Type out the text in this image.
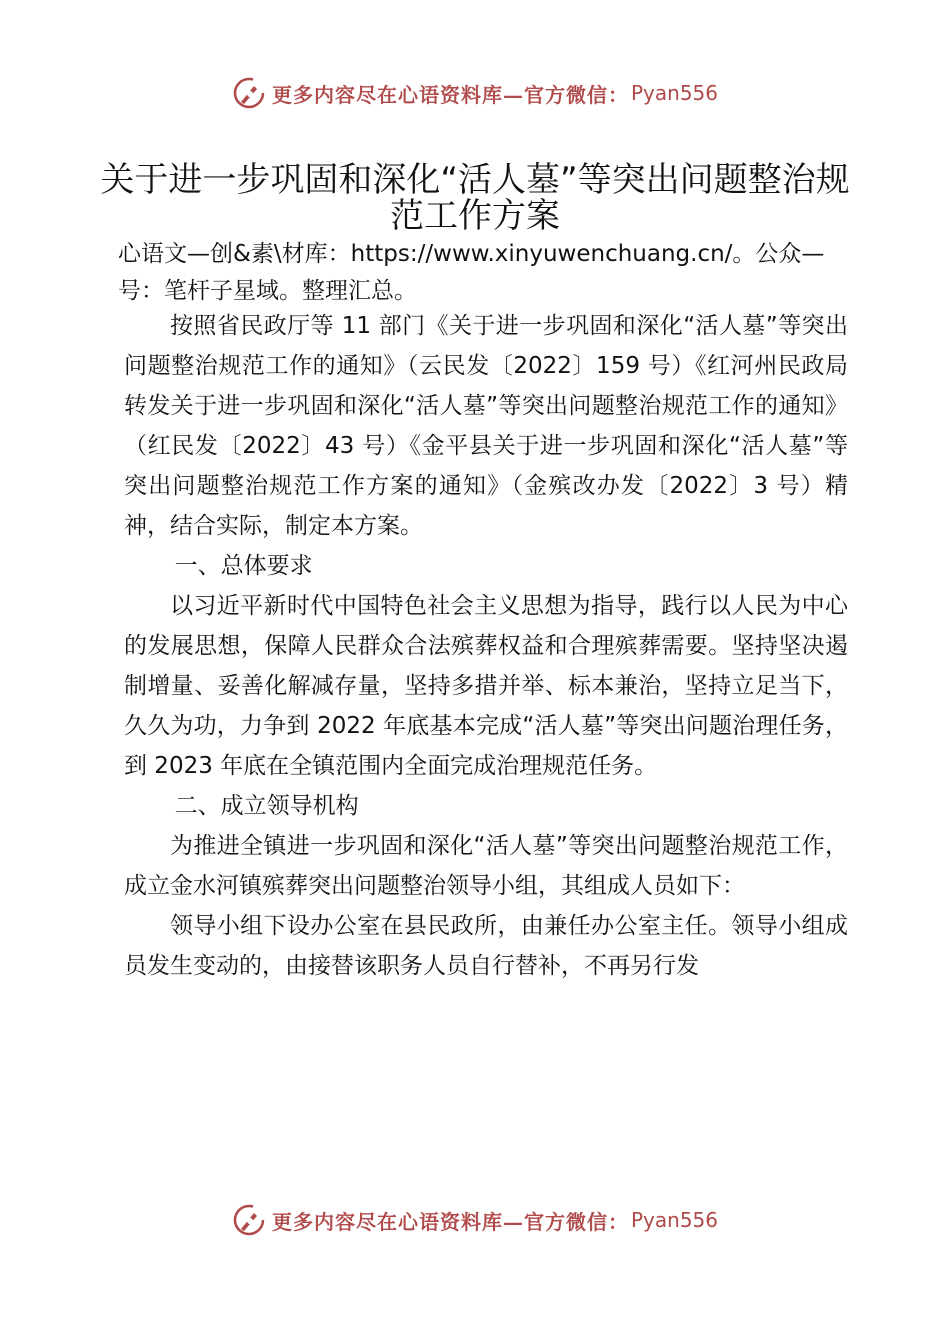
更多内容尽在心语资料库—官方微信： Pyan556
关于进一步巩固和深化“活人墓”等突出问题整治规范工作方案

心语文—创&素\材库：https://www.xinyuwenchuang.cn/。公众—号：笔杆子星域。整理汇总。

按照省民政厅等 11 部门《关于进一步巩固和深化“活人墓”等突出问题整治规范工作的通知》（云民发〔2022〕159 号）《红河州民政局转发关于进一步巩固和深化“活人墓”等突出问题整治规范工作的通知》（红民发〔2022〕43 号）《金平县关于进一步巩固和深化“活人墓”等突出问题整治规范工作方案的通知》（金殡改办发〔2022〕3 号）精神，结合实际，制定本方案。

一、总体要求

以习近平新时代中国特色社会主义思想为指导，践行以人民为中心的发展思想，保障人民群众合法殡葬权益和合理殡葬需要。坚持坚决遏制增量、妥善化解减存量，坚持多措并举、标本兼治，坚持立足当下，久久为功，力争到 2022 年底基本完成“活人墓”等突出问题治理任务，到 2023 年底在全镇范围内全面完成治理规范任务。

二、成立领导机构

为推进全镇进一步巩固和深化“活人墓”等突出问题整治规范工作，成立金水河镇殡葬突出问题整治领导小组，其组成人员如下：

领导小组下设办公室在县民政所，由兼任办公室主任。领导小组成员发生变动的，由接替该职务人员自行替补，不再另行发

更多内容尽在心语资料库—官方微信： Pyan556
